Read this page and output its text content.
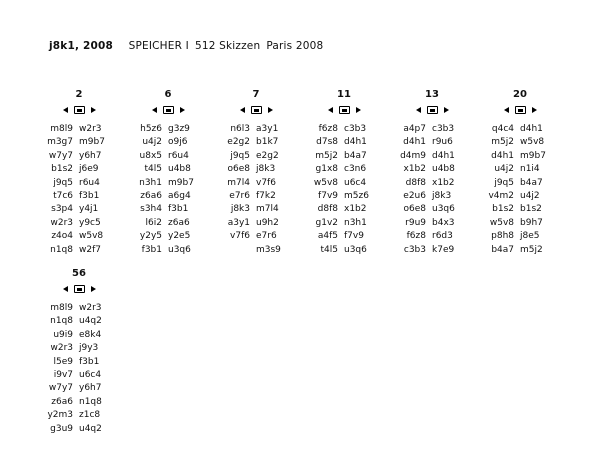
j8k1, 2008 SPEICHER I 512 Skizzen Paris 2008
2
m8l9 w2r3
m3g7 m9b7
w7y7 y6h7
b1s2 j6e9
j9q5 r6u4
t7c6 f3b1
s3p4 y4j1
w2r3 y9c5
z4o4 w5v8
n1q8 w2f7
6
h5z6 g3z9
u4j2 o9j6
u8x5 r6u4
t4l5 u4b8
n3h1 m9b7
z6a6 a6g4
s3h4 f3b1
l6i2 z6a6
y2y5 y2e5
f3b1 u3q6
7
n6l3 a3y1
e2g2 b1k7
j9q5 e2g2
o6e8 j8k3
m7l4 v7f6
e7r6 f7k2
j8k3 m7l4
a3y1 u9h2
v7f6 e7r6
m3s9
11
f6z8 c3b3
d7s8 d4h1
m5j2 b4a7
g1x8 c3n6
w5v8 u6c4
f7v9 m5z6
d8f8 x1b2
g1v2 n3h1
a4f5 f7v9
t4l5 u3q6
13
a4p7 c3b3
d4h1 r9u6
d4m9 d4h1
x1b2 u4b8
d8f8 x1b2
e2u6 j8k3
o6e8 u3q6
r9u9 b4x3
f6z8 r6d3
c3b3 k7e9
20
q4c4 d4h1
m5j2 w5v8
d4h1 m9b7
u4j2 n1i4
j9q5 b4a7
v4m2 u4j2
b1s2 b1s2
w5v8 b9h7
p8h8 j8e5
b4a7 m5j2
56
m8l9 w2r3
n1q8 u4q2
u9i9 e8k4
w2r3 j9y3
l5e9 f3b1
i9v7 u6c4
w7y7 y6h7
z6a6 n1q8
y2m3 z1c8
g3u9 u4q2
